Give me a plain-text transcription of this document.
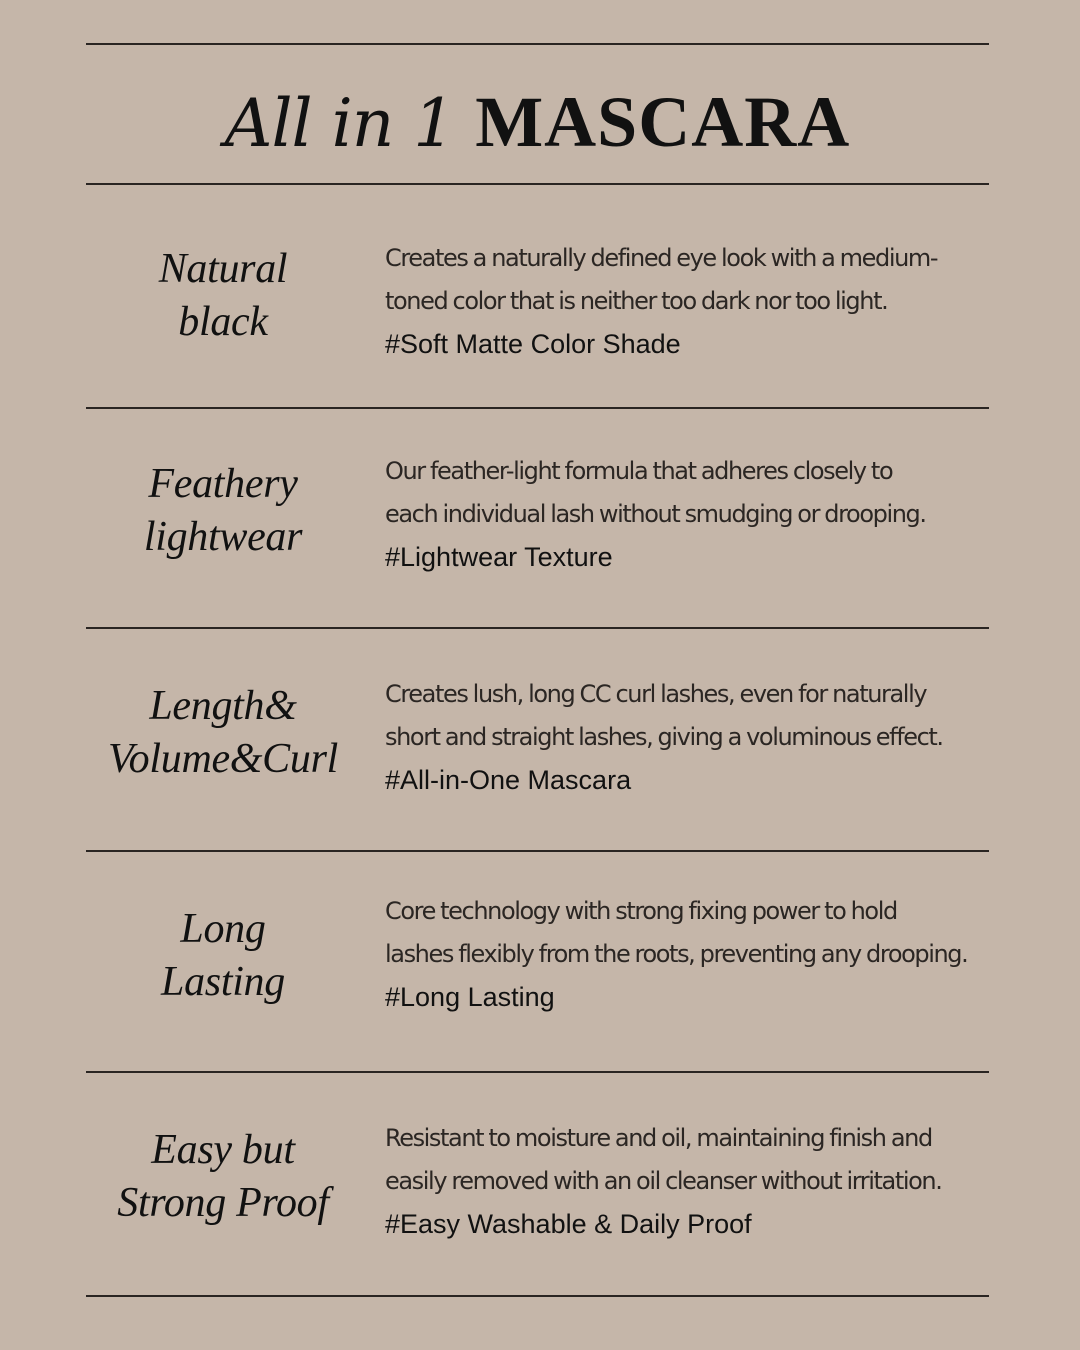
All in 1 MASCARA
Natural
black
Creates a naturally defined eye look with a medium-
toned color that is neither too dark nor too light.
#Soft Matte Color Shade
Feathery
lightwear
Our feather-light formula that adheres closely to
each individual lash without smudging or drooping.
#Lightwear Texture
Length&
Volume&Curl
Creates lush, long CC curl lashes, even for naturally
short and straight lashes, giving a voluminous effect.
#All-in-One Mascara
Long
Lasting
Core technology with strong fixing power to hold
lashes flexibly from the roots, preventing any drooping.
#Long Lasting
Easy but
Strong Proof
Resistant to moisture and oil, maintaining finish and
easily removed with an oil cleanser without irritation.
#Easy Washable & Daily Proof
